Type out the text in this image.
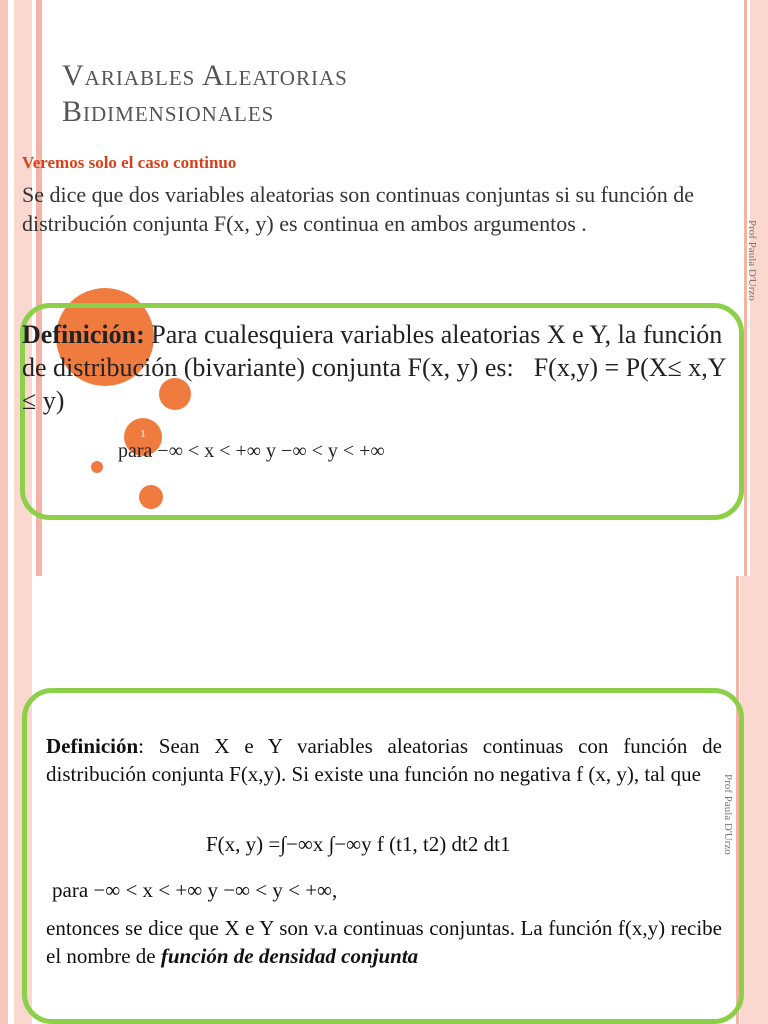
Variables Aleatorias
Bidimensionales
Veremos solo el caso continuo

Se dice que dos variables aleatorias son continuas conjuntas si su función de distribución conjunta F(x, y) es continua en ambos argumentos .

1

Definición: Para cualesquiera variables aleatorias X e Y, la función de distribución (bivariante) conjunta F(x, y) es: F(x,y) = P(X≤ x,Y ≤ y)

para −∞ < x < +∞ y −∞ < y < +∞
Prof Paula D'Urzo

Definición: Sean X e Y variables aleatorias continuas con función de distribución conjunta F(x,y). Si existe una función no negativa f (x, y), tal que

F(x, y) =∫−∞x ∫−∞y f (t1, t2) dt2 dt1
para −∞ < x < +∞ y −∞ < y < +∞,

entonces se dice que X e Y son v.a continuas conjuntas. La función f(x,y) recibe el nombre de función de densidad conjunta

Prof Paula D'Urzo
